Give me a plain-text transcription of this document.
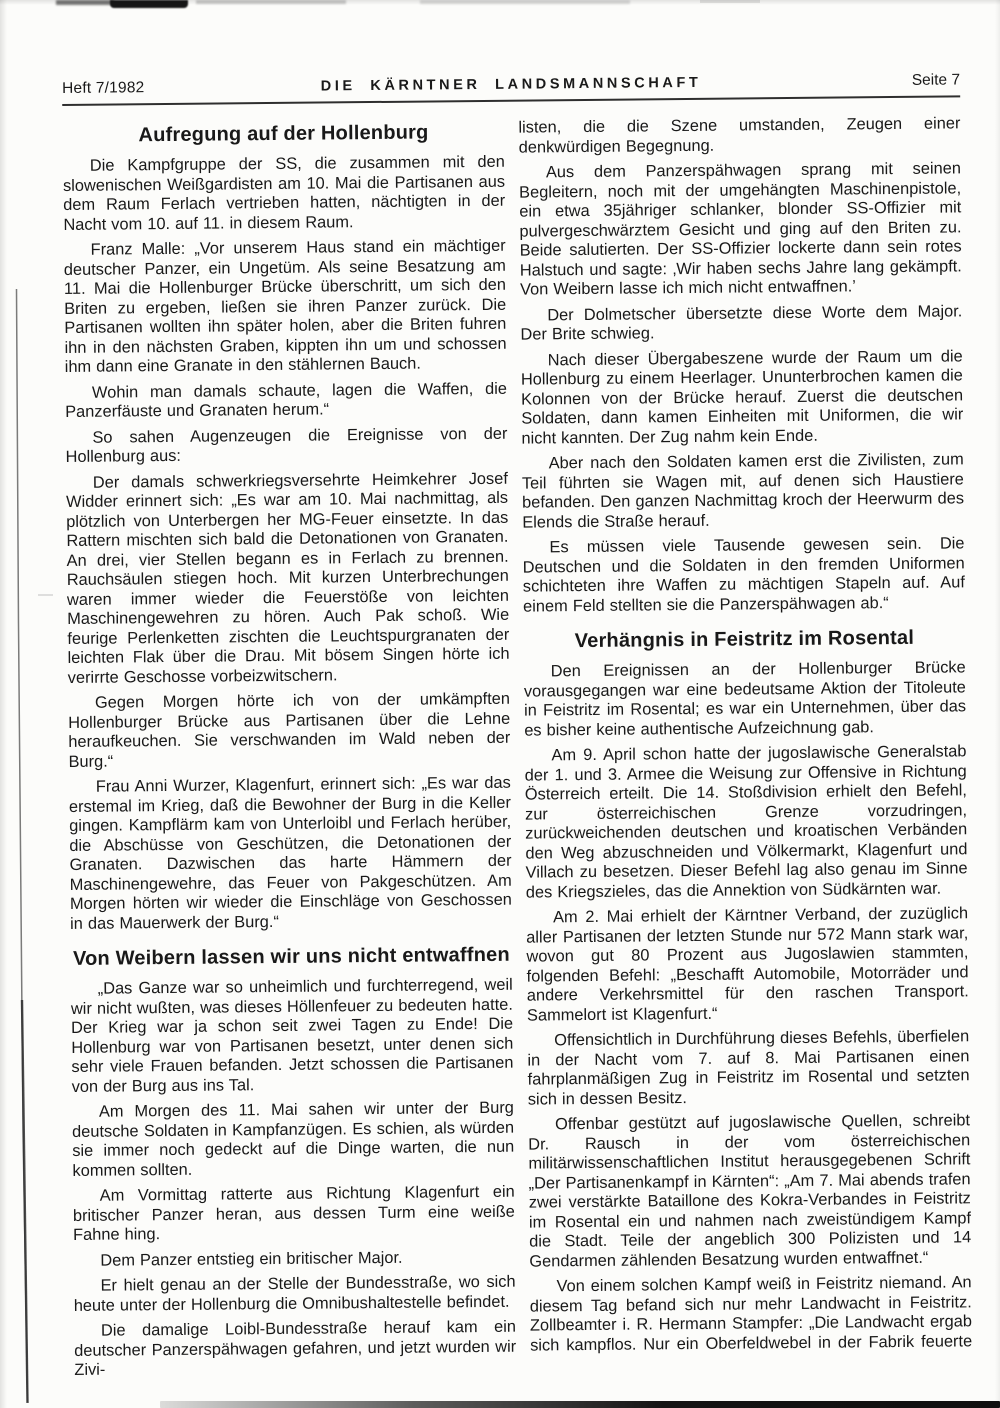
Heft 7/1982	DIE KÄRNTNER LANDSMANNSCHAFT	Seite 7
Aufregung auf der Hollenburg

Die Kampfgruppe der SS, die zusammen mit den slowenischen Weißgardisten am 10. Mai die Partisanen aus dem Raum Ferlach vertrieben hatten, nächtigten in der Nacht vom 10. auf 11. in diesem Raum.

Franz Malle: „Vor unserem Haus stand ein mächtiger deutscher Panzer, ein Ungetüm. Als seine Besatzung am 11. Mai die Hollenburger Brücke überschritt, um sich den Briten zu ergeben, ließen sie ihren Panzer zurück. Die Partisanen wollten ihn später holen, aber die Briten fuhren ihn in den nächsten Graben, kippten ihn um und schossen ihm dann eine Granate in den stählernen Bauch.

Wohin man damals schaute, lagen die Waffen, die Panzerfäuste und Granaten herum.“

So sahen Augenzeugen die Ereignisse von der Hollenburg aus:

Der damals schwerkriegsversehrte Heimkehrer Josef Widder erinnert sich: „Es war am 10. Mai nachmittag, als plötzlich von Unterbergen her MG-Feuer einsetzte. In das Rattern mischten sich bald die Detonationen von Granaten. An drei, vier Stellen begann es in Ferlach zu brennen. Rauchsäulen stiegen hoch. Mit kurzen Unterbrechungen waren immer wieder die Feuerstöße von leichten Maschinengewehren zu hören. Auch Pak schoß. Wie feurige Perlenketten zischten die Leuchtspurgranaten der leichten Flak über die Drau. Mit bösem Singen hörte ich verirrte Geschosse vorbeizwitschern.

Gegen Morgen hörte ich von der umkämpften Hollenburger Brücke aus Partisanen über die Lehne heraufkeuchen. Sie verschwanden im Wald neben der Burg.“

Frau Anni Wurzer, Klagenfurt, erinnert sich: „Es war das erstemal im Krieg, daß die Bewohner der Burg in die Keller gingen. Kampflärm kam von Unterloibl und Ferlach herüber, die Abschüsse von Geschützen, die Detonationen der Granaten. Dazwischen das harte Hämmern der Maschinengewehre, das Feuer von Pakgeschützen. Am Morgen hörten wir wieder die Einschläge von Geschossen in das Mauerwerk der Burg.“

Von Weibern lassen wir uns nicht entwaffnen

„Das Ganze war so unheimlich und furchterregend, weil wir nicht wußten, was dieses Höllenfeuer zu bedeuten hatte. Der Krieg war ja schon seit zwei Tagen zu Ende! Die Hollenburg war von Partisanen besetzt, unter denen sich sehr viele Frauen befanden. Jetzt schossen die Partisanen von der Burg aus ins Tal.

Am Morgen des 11. Mai sahen wir unter der Burg deutsche Soldaten in Kampfanzügen. Es schien, als würden sie immer noch gedeckt auf die Dinge warten, die nun kommen sollten.

Am Vormittag ratterte aus Richtung Klagenfurt ein britischer Panzer heran, aus dessen Turm eine weiße Fahne hing.

Dem Panzer entstieg ein britischer Major.

Er hielt genau an der Stelle der Bundesstraße, wo sich heute unter der Hollenburg die Omnibushaltestelle befindet.

Die damalige Loibl-Bundesstraße herauf kam ein deutscher Panzerspähwagen gefahren, und jetzt wurden wir Zivi-

listen, die die Szene umstanden, Zeugen einer denkwürdigen Begegnung.

Aus dem Panzerspähwagen sprang mit seinen Begleitern, noch mit der umgehängten Maschinenpistole, ein etwa 35jähriger schlanker, blonder SS-Offizier mit pulvergeschwärztem Gesicht und ging auf den Briten zu. Beide salutierten. Der SS-Offizier lockerte dann sein rotes Halstuch und sagte: ‚Wir haben sechs Jahre lang gekämpft. Von Weibern lasse ich mich nicht entwaffnen.’

Der Dolmetscher übersetzte diese Worte dem Major. Der Brite schwieg.

Nach dieser Übergabeszene wurde der Raum um die Hollenburg zu einem Heerlager. Ununterbrochen kamen die Kolonnen von der Brücke herauf. Zuerst die deutschen Soldaten, dann kamen Einheiten mit Uniformen, die wir nicht kannten. Der Zug nahm kein Ende.

Aber nach den Soldaten kamen erst die Zivilisten, zum Teil führten sie Wagen mit, auf denen sich Haustiere befanden. Den ganzen Nachmittag kroch der Heerwurm des Elends die Straße herauf.

Es müssen viele Tausende gewesen sein. Die Deutschen und die Soldaten in den fremden Uniformen schichteten ihre Waffen zu mächtigen Stapeln auf. Auf einem Feld stellten sie die Panzerspähwagen ab.“

Verhängnis in Feistritz im Rosental

Den Ereignissen an der Hollenburger Brücke vorausgegangen war eine bedeutsame Aktion der Titoleute in Feistritz im Rosental; es war ein Unternehmen, über das es bisher keine authentische Aufzeichnung gab.

Am 9. April schon hatte der jugoslawische Generalstab der 1. und 3. Armee die Weisung zur Offensive in Richtung Österreich erteilt. Die 14. Stoßdivision erhielt den Befehl, zur österreichischen Grenze vorzudringen, zurückweichenden deutschen und kroatischen Verbänden den Weg abzuschneiden und Völkermarkt, Klagenfurt und Villach zu besetzen. Dieser Befehl lag also genau im Sinne des Kriegszieles, das die Annektion von Südkärnten war.

Am 2. Mai erhielt der Kärntner Verband, der zuzüglich aller Partisanen der letzten Stunde nur 572 Mann stark war, wovon gut 80 Prozent aus Jugoslawien stammten, folgenden Befehl: „Beschafft Automobile, Motorräder und andere Verkehrsmittel für den raschen Transport. Sammelort ist Klagenfurt.“

Offensichtlich in Durchführung dieses Befehls, überfielen in der Nacht vom 7. auf 8. Mai Partisanen einen fahrplanmäßigen Zug in Feistritz im Rosental und setzten sich in dessen Besitz.

Offenbar gestützt auf jugoslawische Quellen, schreibt Dr. Rausch in der vom österreichischen militärwissenschaftlichen Institut herausgegebenen Schrift „Der Partisanenkampf in Kärnten“: „Am 7. Mai abends trafen zwei verstärkte Bataillone des Kokra-Verbandes in Feistritz im Rosental ein und nahmen nach zweistündigem Kampf die Stadt. Teile der angeblich 300 Polizisten und 14 Gendarmen zählenden Besatzung wurden entwaffnet.“

Von einem solchen Kampf weiß in Feistritz niemand. An diesem Tag befand sich nur mehr Landwacht in Feistritz. Zollbeamter i. R. Hermann Stampfer: „Die Landwacht ergab sich kampflos. Nur ein Oberfeldwebel in der Fabrik feuerte
